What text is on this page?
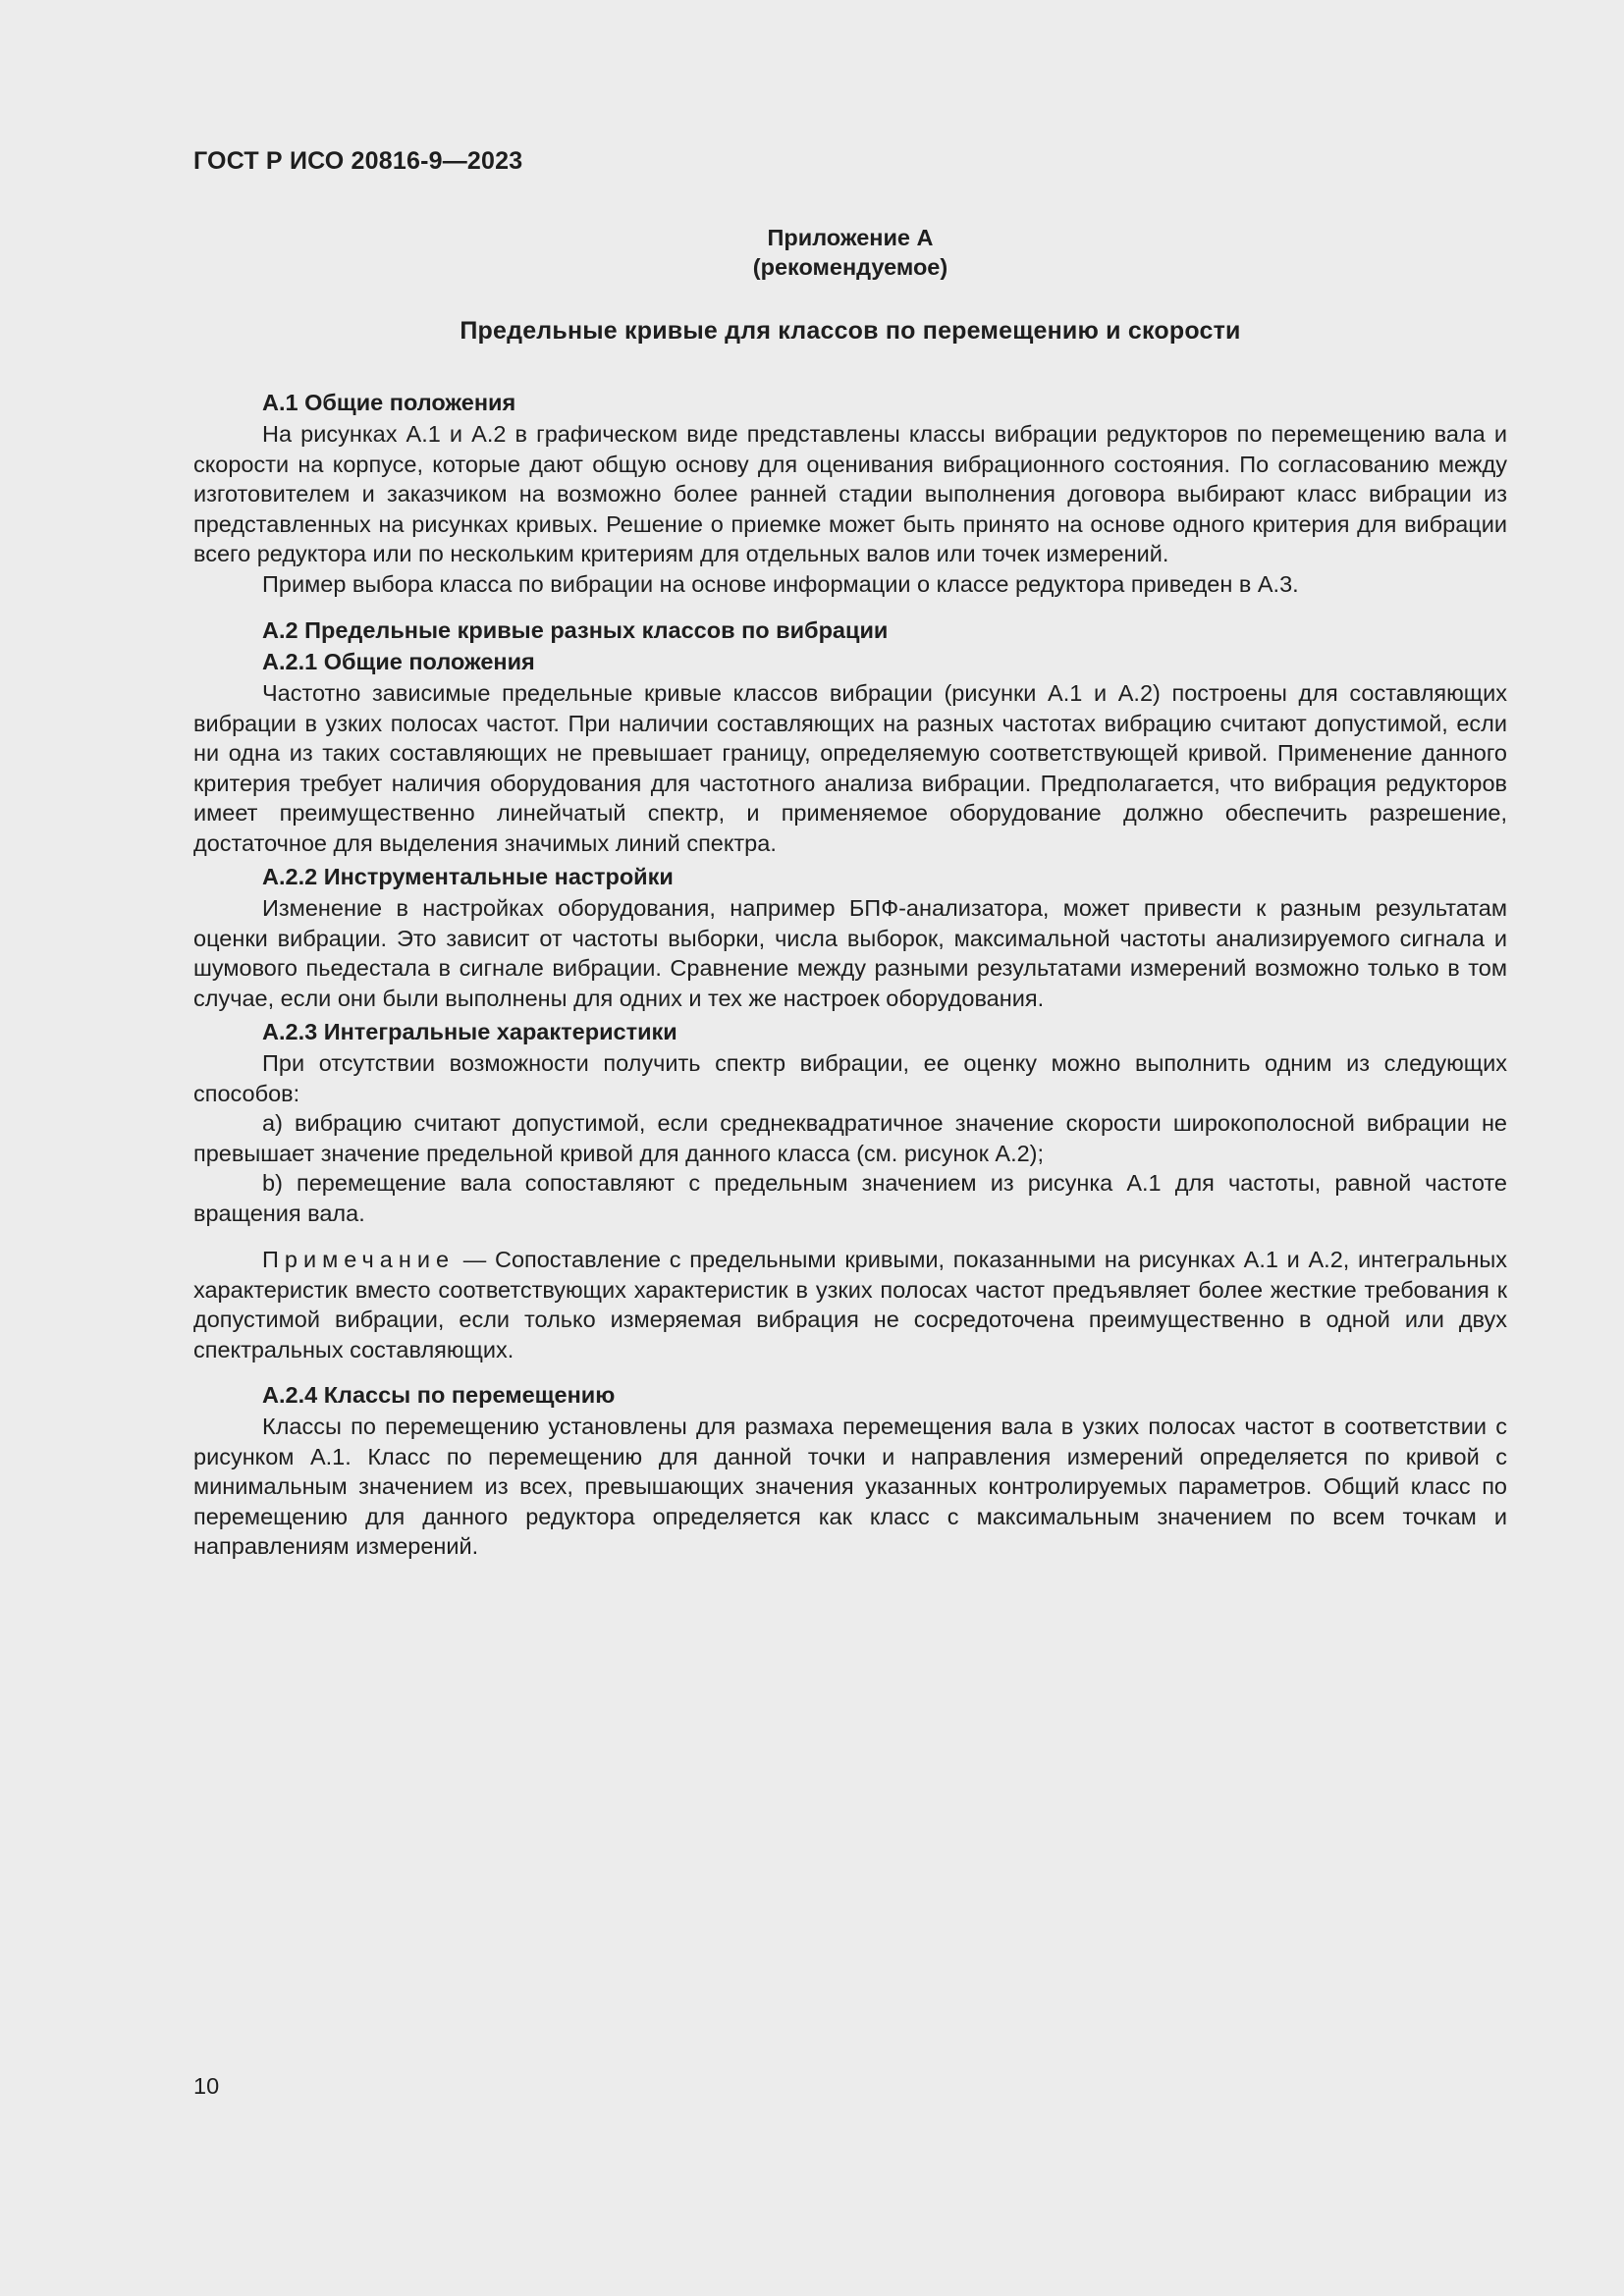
ГОСТ Р ИСО 20816-9—2023

Приложение А

(рекомендуемое)

Предельные кривые для классов по перемещению и скорости

А.1 Общие положения

На рисунках А.1 и А.2 в графическом виде представлены классы вибрации редукторов по перемещению вала и скорости на корпусе, которые дают общую основу для оценивания вибрационного состояния. По согласованию между изготовителем и заказчиком на возможно более ранней стадии выполнения договора выбирают класс вибрации из представленных на рисунках кривых. Решение о приемке может быть принято на основе одного критерия для вибрации всего редуктора или по нескольким критериям для отдельных валов или точек измерений.

Пример выбора класса по вибрации на основе информации о классе редуктора приведен в А.3.

А.2 Предельные кривые разных классов по вибрации

А.2.1 Общие положения

Частотно зависимые предельные кривые классов вибрации (рисунки А.1 и А.2) построены для составляющих вибрации в узких полосах частот. При наличии составляющих на разных частотах вибрацию считают допустимой, если ни одна из таких составляющих не превышает границу, определяемую соответствующей кривой. Применение данного критерия требует наличия оборудования для частотного анализа вибрации. Предполагается, что вибрация редукторов имеет преимущественно линейчатый спектр, и применяемое оборудование должно обеспечить разрешение, достаточное для выделения значимых линий спектра.

А.2.2 Инструментальные настройки

Изменение в настройках оборудования, например БПФ-анализатора, может привести к разным результатам оценки вибрации. Это зависит от частоты выборки, числа выборок, максимальной частоты анализируемого сигнала и шумового пьедестала в сигнале вибрации. Сравнение между разными результатами измерений возможно только в том случае, если они были выполнены для одних и тех же настроек оборудования.

А.2.3 Интегральные характеристики

При отсутствии возможности получить спектр вибрации, ее оценку можно выполнить одним из следующих способов:

a) вибрацию считают допустимой, если среднеквадратичное значение скорости широкополосной вибрации не превышает значение предельной кривой для данного класса (см. рисунок А.2);

b) перемещение вала сопоставляют с предельным значением из рисунка А.1 для частоты, равной частоте вращения вала.

Примечание — Сопоставление с предельными кривыми, показанными на рисунках А.1 и А.2, интегральных характеристик вместо соответствующих характеристик в узких полосах частот предъявляет более жесткие требования к допустимой вибрации, если только измеряемая вибрация не сосредоточена преимущественно в одной или двух спектральных составляющих.

А.2.4 Классы по перемещению

Классы по перемещению установлены для размаха перемещения вала в узких полосах частот в соответствии с рисунком А.1. Класс по перемещению для данной точки и направления измерений определяется по кривой с минимальным значением из всех, превышающих значения указанных контролируемых параметров. Общий класс по перемещению для данного редуктора определяется как класс с максимальным значением по всем точкам и направлениям измерений.

10
